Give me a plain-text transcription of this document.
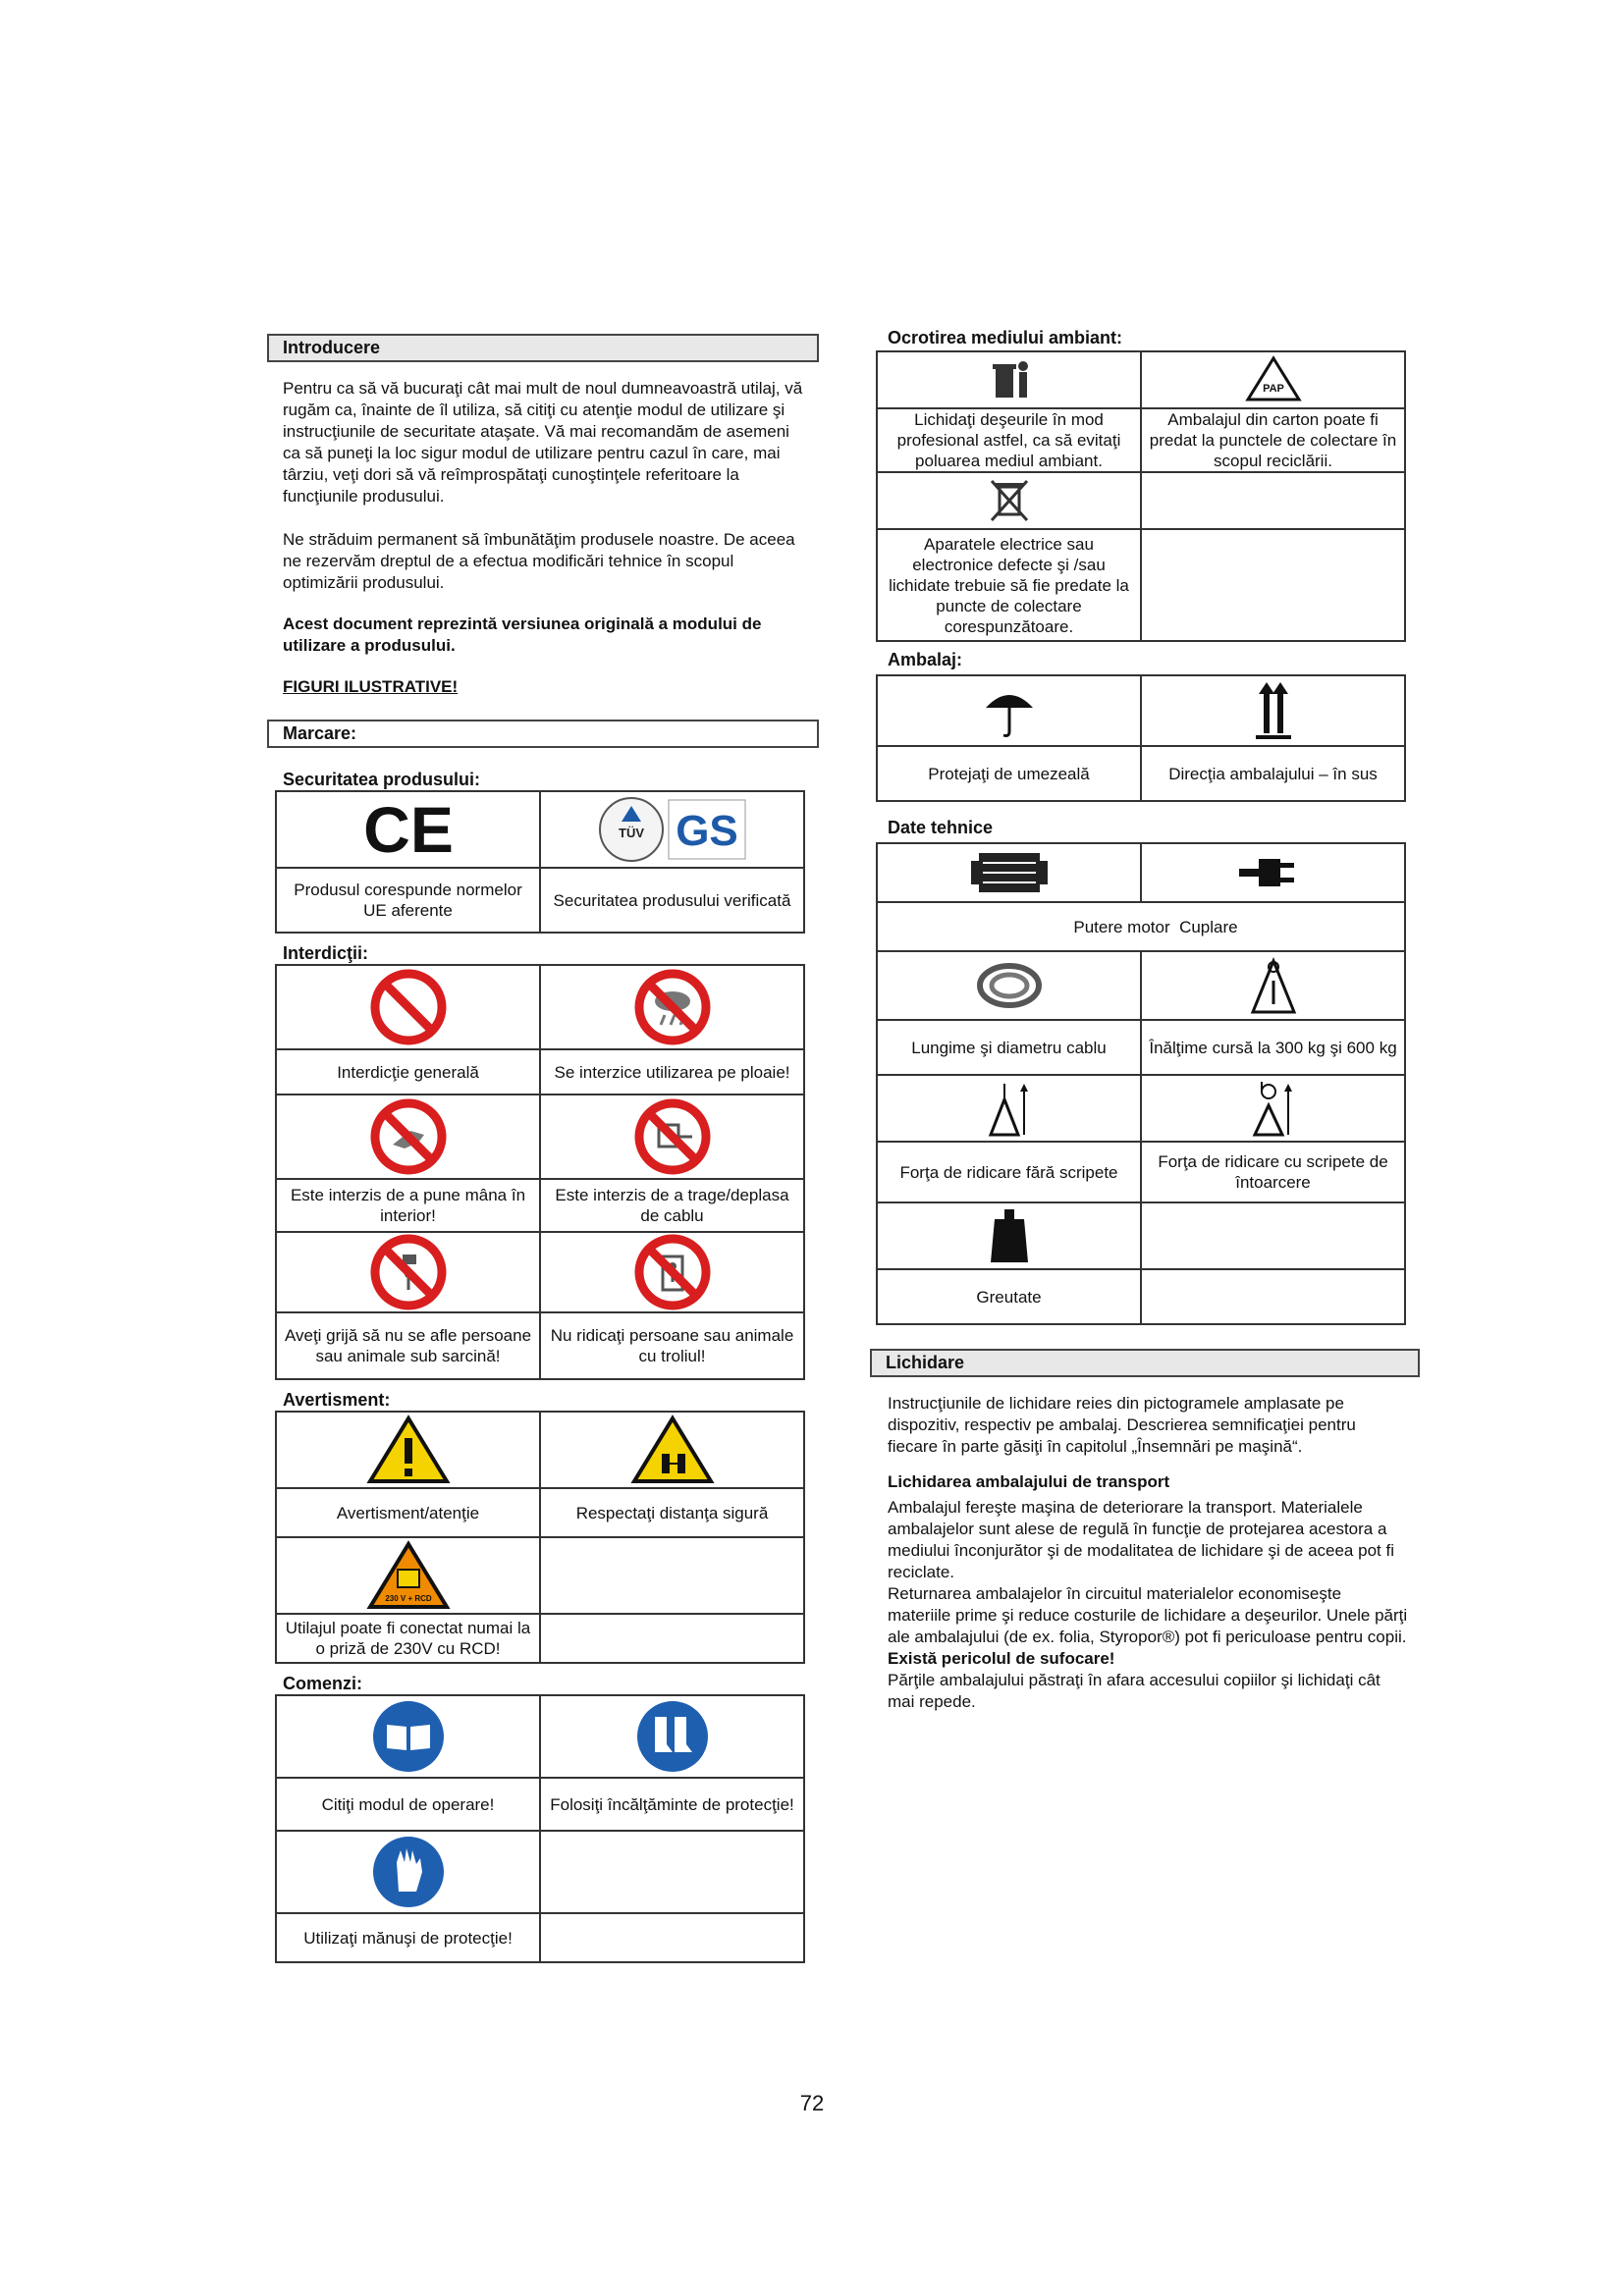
Introducere

Pentru ca să vă bucuraţi cât mai mult de noul dumneavoastră utilaj, vă rugăm ca, înainte de îl utiliza, să citiţi cu atenţie modul de utilizare şi instrucţiunile de securitate ataşate. Vă mai recomandăm de asemeni ca să puneţi la loc sigur modul de utilizare pentru cazul în care, mai târziu, veţi dori să vă reîmprospătaţi cunoştinţele referitoare la funcţiunile produsului.

Ne străduim permanent să îmbunătăţim produsele noastre. De aceea ne rezervăm dreptul de a efectua modificări tehnice în scopul optimizării produsului.

Acest document reprezintă versiunea originală a modului de utilizare a produsului.

FIGURI ILUSTRATIVE!

Marcare:
Securitatea produsului:
CE	TÜV GS

Produsul corespunde normelor UE aferente	Securitatea produsului verificată
Interdicţii:

Interdicţie generală	Se interzice utilizarea pe ploaie!

Este interzis de a pune mâna în interior!	Este interzis de a trage/deplasa de cablu

Aveţi grijă să nu se afle persoane sau animale sub sarcină!	Nu ridicaţi persoane sau animale cu troliul!
Avertisment:

Avertisment/atenţie	Respectaţi distanţa sigură

230 V + RCD	

Utilajul poate fi conectat numai la o priză de 230V cu RCD!	
Comenzi:

Citiţi modul de operare!	Folosiţi încălţăminte de protecţie!

Utilizaţi mănuşi de protecţie!	
Ocrotirea mediului ambiant:

PAP

Lichidaţi deşeurile în mod profesional astfel, ca să evitaţi poluarea mediul ambiant.	Ambalajul din carton poate fi predat la punctele de colectare în scopul reciclării.

Aparatele electrice sau electronice defecte şi /sau lichidate trebuie să fie predate la puncte de colectare corespunzătoare.	
Ambalaj:

Protejaţi de umezeală	Direcţia ambalajului – în sus
Date tehnice

Putere motor Cuplare	

Lungime şi diametru cablu	Înălţime cursă la 300 kg şi 600 kg

Forţa de ridicare fără scripete	Forţa de ridicare cu scripete de întoarcere

Greutate	
Lichidare

Instrucţiunile de lichidare reies din pictogramele amplasate pe dispozitiv, respectiv pe ambalaj. Descrierea semnificaţiei pentru fiecare în parte găsiţi în capitolul „Însemnări pe maşină“.

Lichidarea ambalajului de transport

Ambalajul fereşte maşina de deteriorare la transport. Materialele ambalajelor sunt alese de regulă în funcţie de protejarea acestora a mediului înconjurător şi de modalitatea de lichidare şi de aceea pot fi reciclate.

Returnarea ambalajelor în circuitul materialelor economiseşte materiile prime şi reduce costurile de lichidare a deşeurilor. Unele părţi ale ambalajului (de ex. folia, Styropor®) pot fi periculoase pentru copii. Există pericolul de sufocare!

Părţile ambalajului păstraţi în afara accesului copiilor şi lichidaţi cât mai repede.

72
